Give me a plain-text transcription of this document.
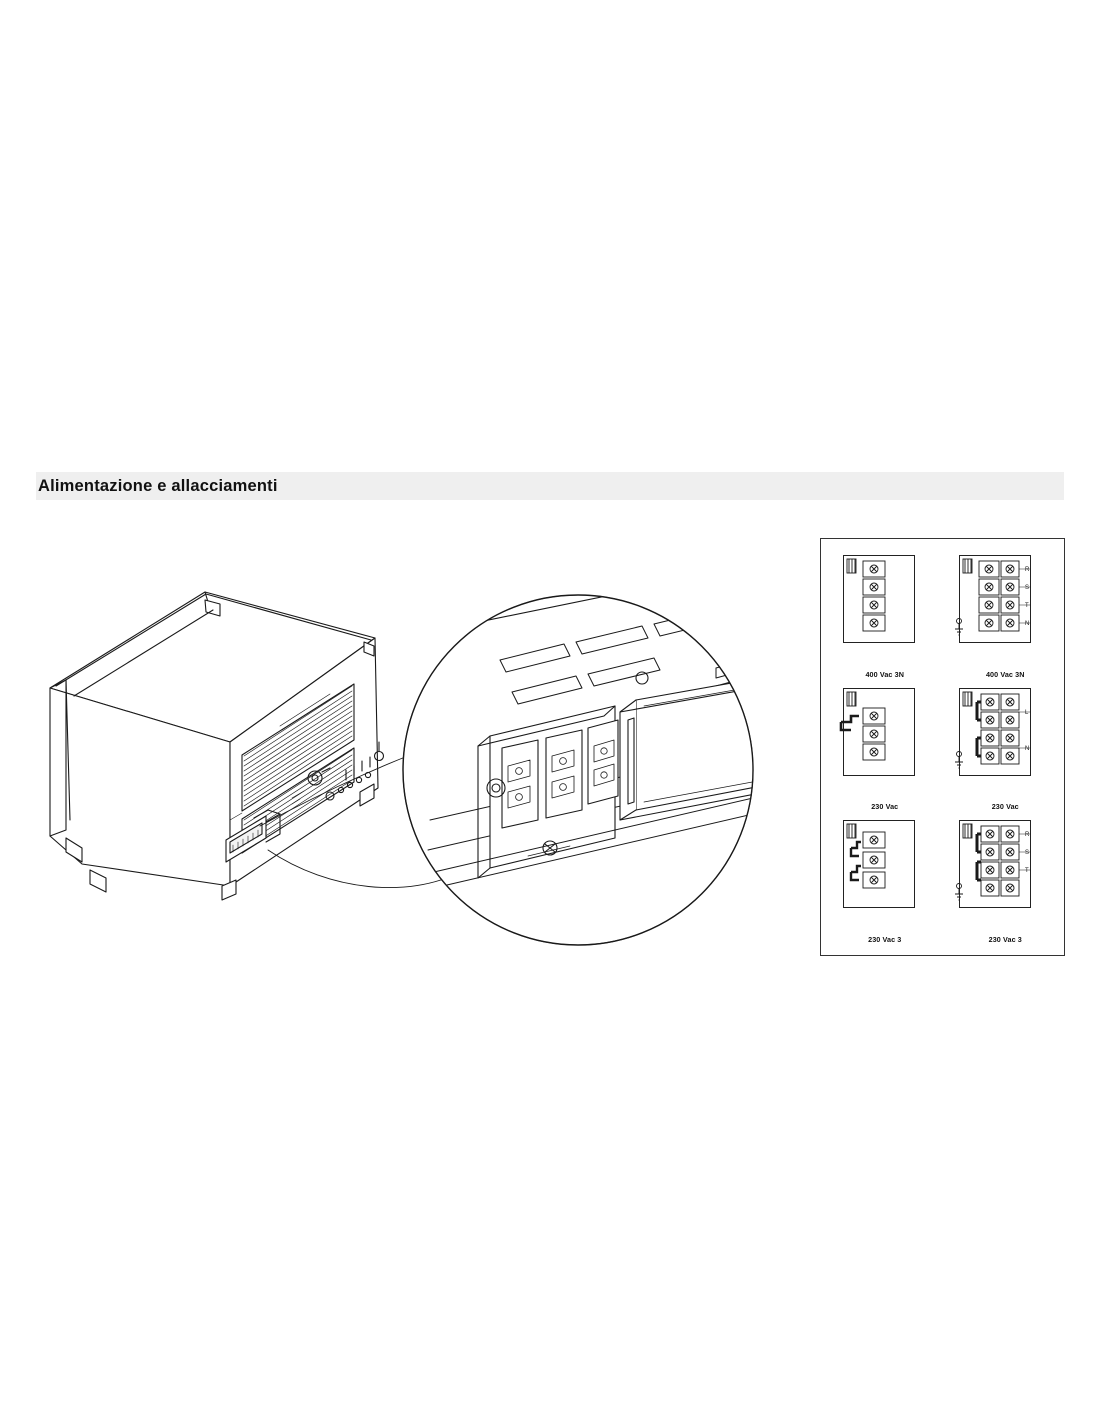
Alimentazione e allacciamenti
400 Vac 3N
R
S
T
N
400 Vac 3N
230 Vac
L
N
230 Vac
230 Vac 3
R
S
T
230 Vac 3
